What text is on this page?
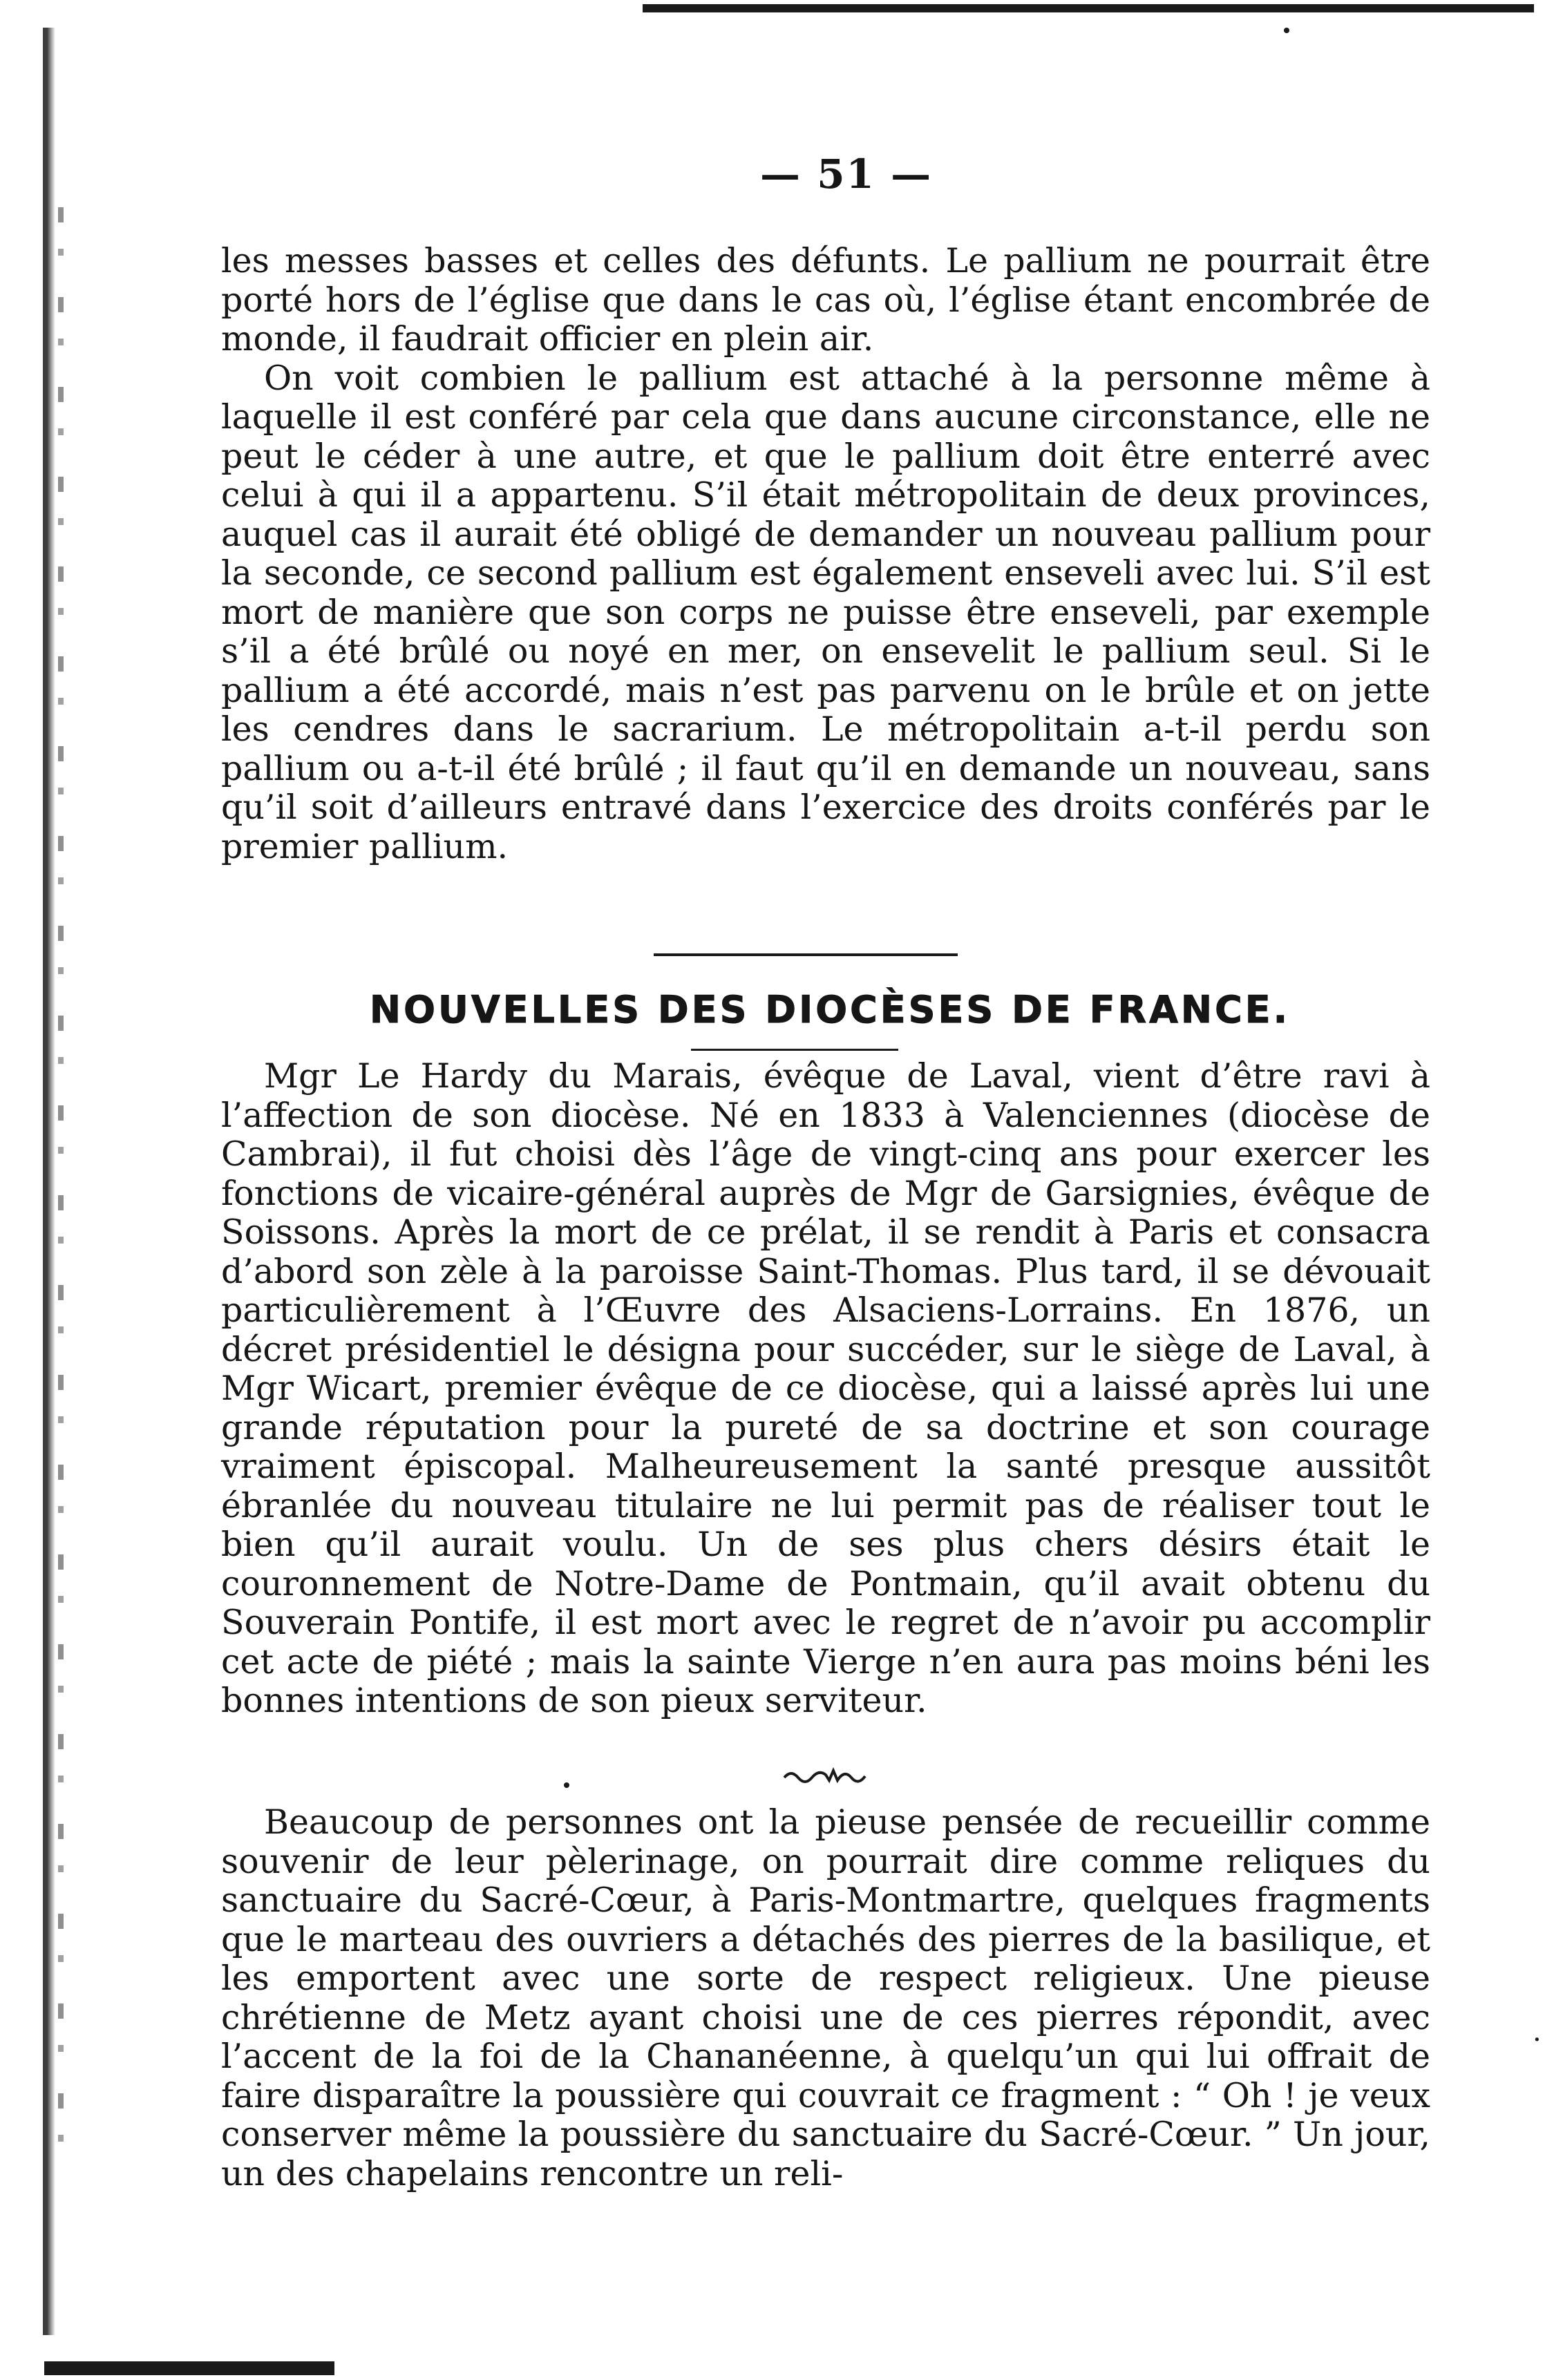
— 51 —

les messes basses et celles des défunts. Le pallium ne pourrait être porté hors de l’église que dans le cas où, l’église étant encombrée de monde, il faudrait officier en plein air.

On voit combien le pallium est attaché à la personne même à laquelle il est conféré par cela que dans aucune circonstance, elle ne peut le céder à une autre, et que le pallium doit être enterré avec celui à qui il a appartenu. S’il était métropolitain de deux provinces, auquel cas il aurait été obligé de demander un nouveau pallium pour la seconde, ce second pallium est également enseveli avec lui. S’il est mort de manière que son corps ne puisse être enseveli, par exemple s’il a été brûlé ou noyé en mer, on ensevelit le pallium seul. Si le pallium a été accordé, mais n’est pas parvenu on le brûle et on jette les cendres dans le sacrarium. Le métropolitain a-t-il perdu son pallium ou a-t-il été brûlé ; il faut qu’il en demande un nouveau, sans qu’il soit d’ailleurs entravé dans l’exercice des droits conférés par le premier pallium.

NOUVELLES DES DIOCÈSES DE FRANCE.

Mgr Le Hardy du Marais, évêque de Laval, vient d’être ravi à l’affection de son diocèse. Né en 1833 à Valenciennes (diocèse de Cambrai), il fut choisi dès l’âge de vingt-cinq ans pour exercer les fonctions de vicaire-général auprès de Mgr de Garsignies, évêque de Soissons. Après la mort de ce prélat, il se rendit à Paris et consacra d’abord son zèle à la paroisse Saint-Thomas. Plus tard, il se dévouait particulièrement à l’Œuvre des Alsaciens-Lorrains. En 1876, un décret présidentiel le désigna pour succéder, sur le siège de Laval, à Mgr Wicart, premier évêque de ce diocèse, qui a laissé après lui une grande réputation pour la pureté de sa doctrine et son courage vraiment épiscopal. Malheureusement la santé presque aussitôt ébranlée du nouveau titulaire ne lui permit pas de réaliser tout le bien qu’il aurait voulu. Un de ses plus chers désirs était le couronnement de Notre-Dame de Pontmain, qu’il avait obtenu du Souverain Pontife, il est mort avec le regret de n’avoir pu accomplir cet acte de piété ; mais la sainte Vierge n’en aura pas moins béni les bonnes intentions de son pieux serviteur.

Beaucoup de personnes ont la pieuse pensée de recueillir comme souvenir de leur pèlerinage, on pourrait dire comme reliques du sanctuaire du Sacré-Cœur, à Paris-Montmartre, quelques fragments que le marteau des ouvriers a détachés des pierres de la basilique, et les emportent avec une sorte de respect religieux. Une pieuse chrétienne de Metz ayant choisi une de ces pierres répondit, avec l’accent de la foi de la Chananéenne, à quelqu’un qui lui offrait de faire disparaître la poussière qui couvrait ce fragment : “ Oh ! je veux conserver même la poussière du sanctuaire du Sacré-Cœur. ” Un jour, un des chapelains rencontre un reli-

·
